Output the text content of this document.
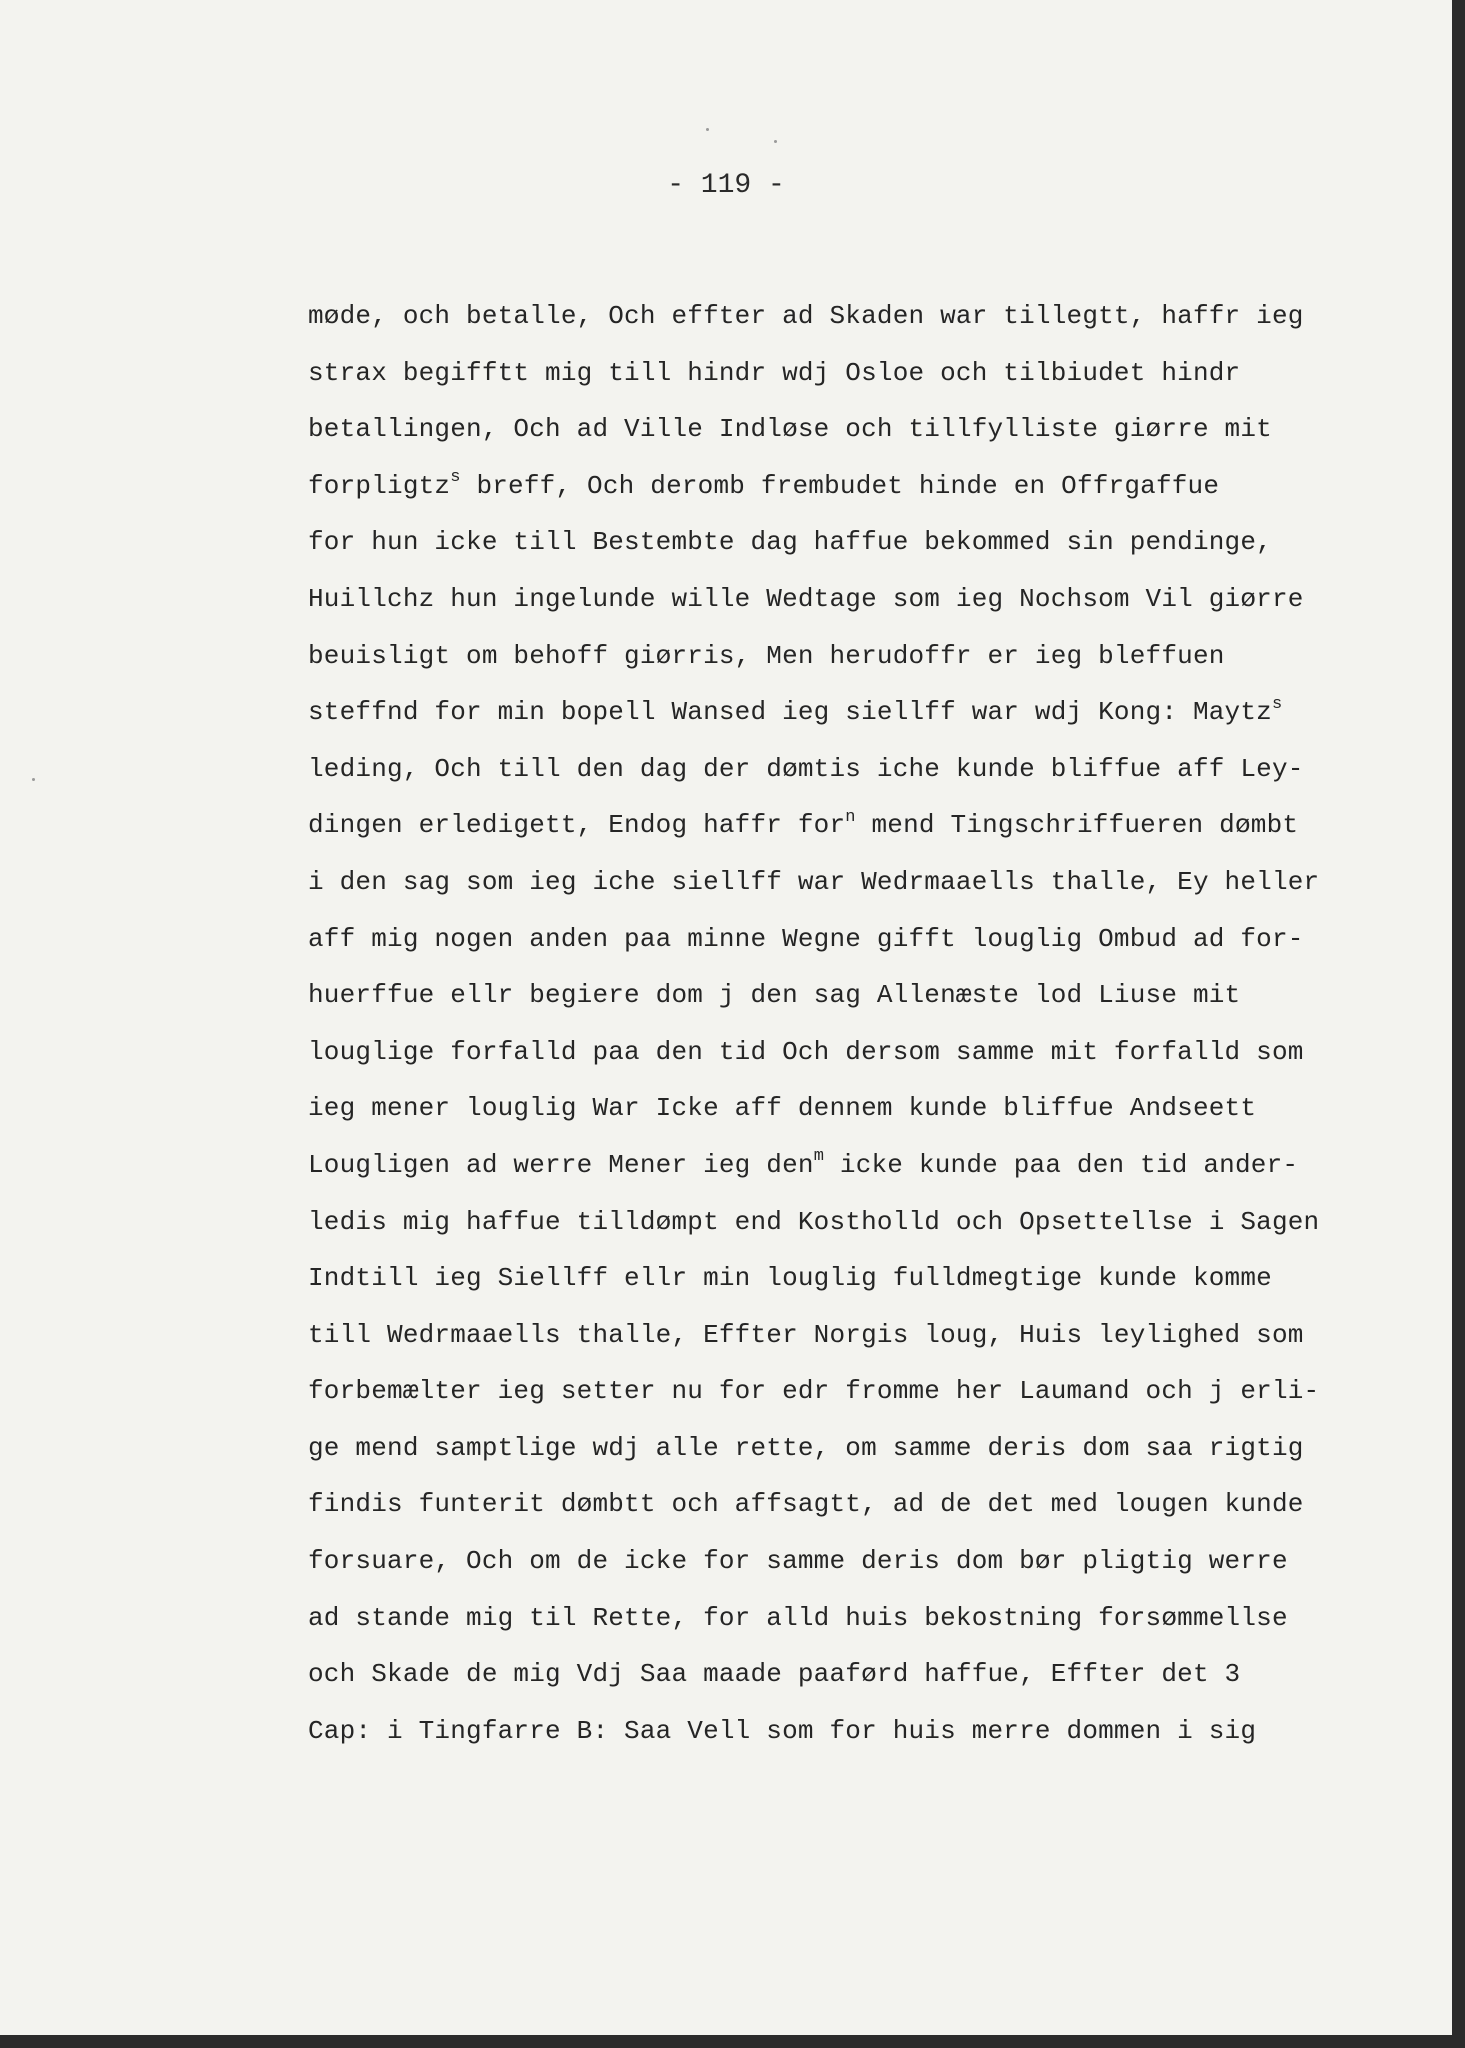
- 119 -
møde, och betalle, Och effter ad Skaden war tillegtt, haffr ieg
strax begifftt mig till hindr wdj Osloe och tilbiudet hindr
betallingen, Och ad Ville Indløse och tillfylliste giørre mit
forpligtz$^s$ breff, Och deromb frembudet hinde en Offrgaffue
for hun icke till Bestembte dag haffue bekommed sin pendinge,
Huillchz hun ingelunde wille Wedtage som ieg Nochsom Vil giørre
beuisligt om behoff giørris, Men herudoffr er ieg bleffuen
steffnd for min bopell Wansed ieg siellff war wdj Kong: Maytz$^s$
leding, Och till den dag der dømtis iche kunde bliffue aff Ley-
dingen erledigett, Endog haffr for$^n$ mend Tingschriffueren dømbt
i den sag som ieg iche siellff war Wedrmaaells thalle, Ey heller
aff mig nogen anden paa minne Wegne gifft louglig Ombud ad for-
huerffue ellr begiere dom j den sag Allenæste lod Liuse mit
louglige forfalld paa den tid Och dersom samme mit forfalld som
ieg mener louglig War Icke aff dennem kunde bliffue Andseett
Lougligen ad werre Mener ieg den$^m$ icke kunde paa den tid ander-
ledis mig haffue tilldømpt end Kostholld och Opsettellse i Sagen
Indtill ieg Siellff ellr min louglig fulldmegtige kunde komme
till Wedrmaaells thalle, Effter Norgis loug, Huis leylighed som
forbemælter ieg setter nu for edr fromme her Laumand och j erli-
ge mend samptlige wdj alle rette, om samme deris dom saa rigtig
findis funterit dømbtt och affsagtt, ad de det med lougen kunde
forsuare, Och om de icke for samme deris dom bør pligtig werre
ad stande mig til Rette, for alld huis bekostning forsømmellse
och Skade de mig Vdj Saa maade paaførd haffue, Effter det 3
Cap: i Tingfarre B: Saa Vell som for huis merre dommen i sig
